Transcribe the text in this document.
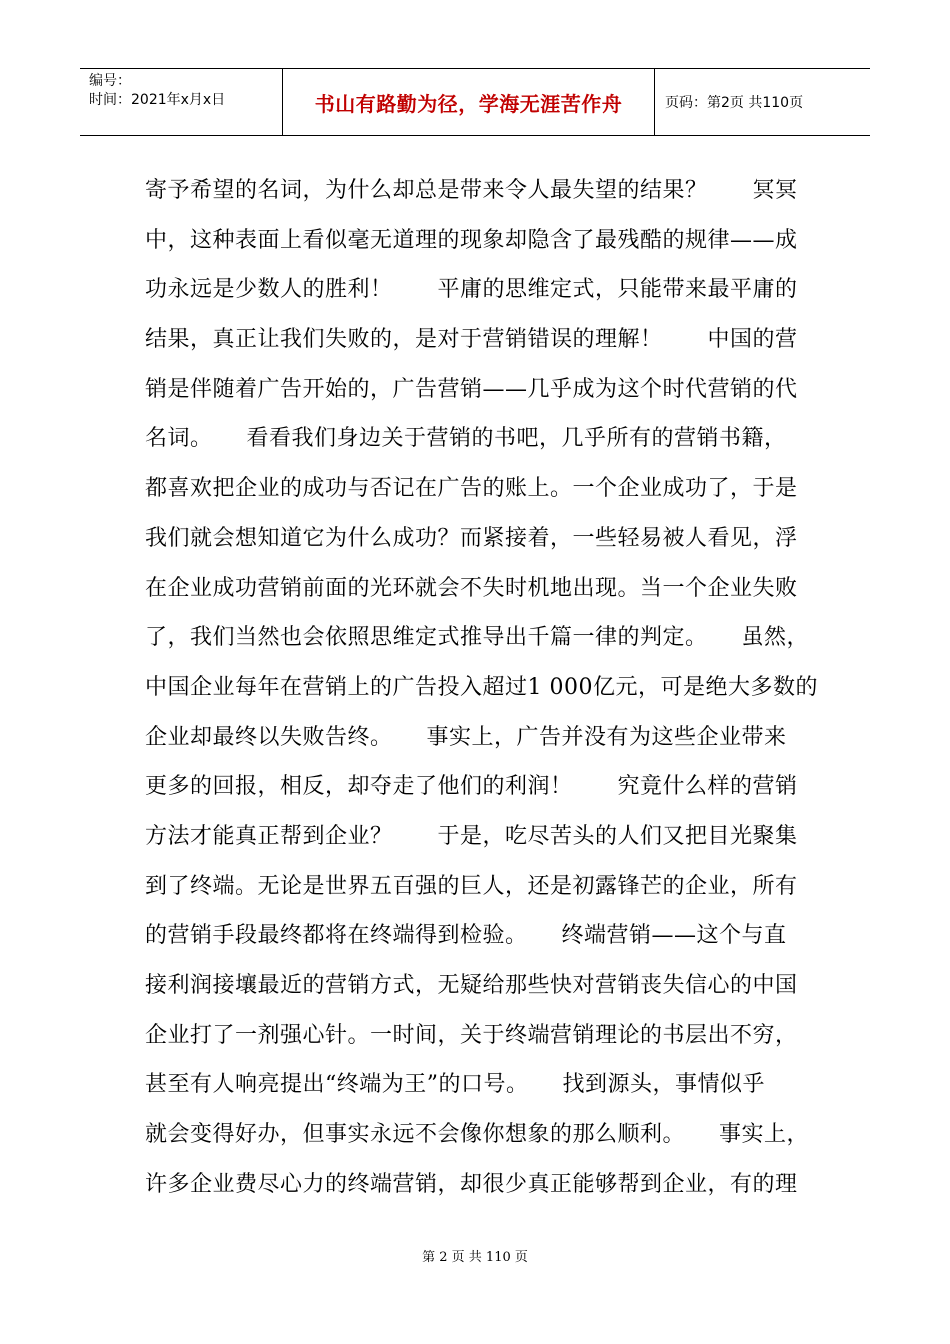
编号：
时间：2021年x月x日	书山有路勤为径，学海无涯苦作舟	页码：第2页 共110页
寄予希望的名词，为什么却总是带来令人最失望的结果？　　冥冥
中，这种表面上看似毫无道理的现象却隐含了最残酷的规律——成
功永远是少数人的胜利！　　平庸的思维定式，只能带来最平庸的
结果，真正让我们失败的，是对于营销错误的理解！　　中国的营
销是伴随着广告开始的，广告营销——几乎成为这个时代营销的代
名词。　　看看我们身边关于营销的书吧，几乎所有的营销书籍，
都喜欢把企业的成功与否记在广告的账上。一个企业成功了，于是
我们就会想知道它为什么成功？而紧接着，一些轻易被人看见，浮
在企业成功营销前面的光环就会不失时机地出现。当一个企业失败
了，我们当然也会依照思维定式推导出千篇一律的判定。　　虽然，
中国企业每年在营销上的广告投入超过1 000亿元，可是绝大多数的
企业却最终以失败告终。　　事实上，广告并没有为这些企业带来
更多的回报，相反，却夺走了他们的利润！　　究竟什么样的营销
方法才能真正帮到企业？　　于是，吃尽苦头的人们又把目光聚集
到了终端。无论是世界五百强的巨人，还是初露锋芒的企业，所有
的营销手段最终都将在终端得到检验。　　终端营销——这个与直
接利润接壤最近的营销方式，无疑给那些快对营销丧失信心的中国
企业打了一剂强心针。一时间，关于终端营销理论的书层出不穷，
甚至有人响亮提出“终端为王”的口号。　　找到源头，事情似乎
就会变得好办，但事实永远不会像你想象的那么顺利。　　事实上，
许多企业费尽心力的终端营销，却很少真正能够帮到企业，有的理
第 2 页 共 110 页
